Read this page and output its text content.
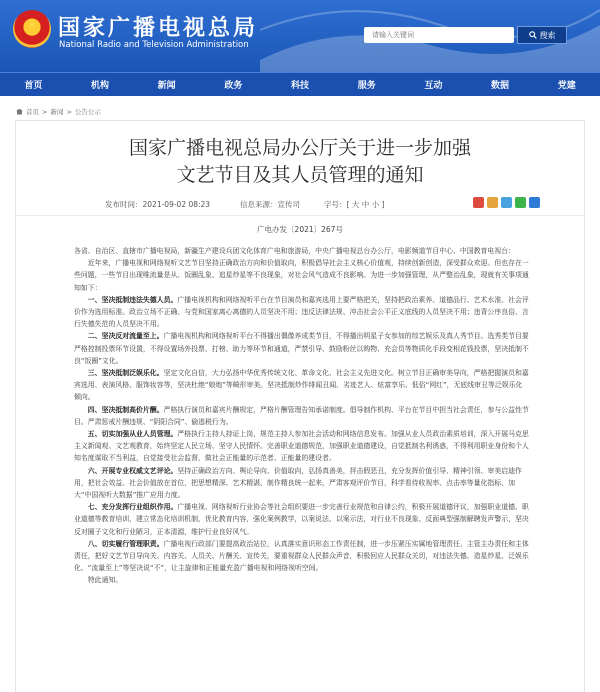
★ 国家广播电视总局
National Radio and Television Administration
请输入关键词
搜索
首页	机构	新闻	政务	科技	服务	互动	数据	党建
首页 > 新闻 > 公告公示
国家广播电视总局办公厅关于进一步加强
文艺节目及其人员管理的通知
发布时间：2021-09-02 08:23	信息来源：宣传司	字号：[ 大 中 小 ]
广电办发〔2021〕267号

各省、自治区、直辖市广播电视局，新疆生产建设兵团文化体育广电和旅游局，中央广播电视总台办公厅，电影频道节目中心、中国教育电视台：

近年来，广播电视和网络视听文艺节目坚持正确政治方向和价值取向，积极倡导社会主义核心价值观，持续创新创造，深受群众欢迎。但也存在一些问题，一些节目出现唯流量是从、饭圈乱象、追星炒星等不良现象，对社会风气造成不良影响。为进一步加强管理，从严整治乱象，现就有关事项通知如下：

一、坚决抵制违法失德人员。广播电视机构和网络视听平台在节目演员和嘉宾选用上要严格把关，坚持把政治素养、道德品行、艺术水准、社会评价作为选用标准。政治立场不正确、与党和国家离心离德的人员坚决不用；违反法律法规、冲击社会公平正义底线的人员坚决不用；违背公序良俗、言行失德失范的人员坚决不用。

二、坚决反对流量至上。广播电视机构和网络视听平台不得播出偶像养成类节目，不得播出明星子女参加的综艺娱乐及真人秀节目。选秀类节目要严格控制投票环节设置，不得设置场外投票、打榜、助力等环节和通道，严禁引导、鼓励粉丝以购物、充会员等物质化手段变相花钱投票，坚决抵制不良“饭圈”文化。

三、坚决抵制泛娱乐化。坚定文化自信，大力弘扬中华优秀传统文化、革命文化、社会主义先进文化。树立节目正确审美导向，严格把握演员和嘉宾选用、表演风格、服饰妆容等，坚决杜绝“娘炮”等畸形审美。坚决抵制炒作绯闻丑闻、劣迹艺人、炫富享乐、低俗“网红”，无底线审丑等泛娱乐化倾向。

四、坚决抵制高价片酬。严格执行演员和嘉宾片酬规定，严格片酬管理告知承诺制度。倡导制作机构、平台在节目中担当社会责任，参与公益性节目。严肃惩戒片酬违规、“阴阳合同”、偷逃税行为。

五、切实加强从业人员管理。严格执行主持人持证上岗，规范主持人参加社会活动和网络信息发布。加强从业人员政治素质培训，深入开展马克思主义新闻观、文艺观教育，始终坚定人民立场、坚守人民情怀。完善职业道德规范，加强职业道德建设，自觉抵制名利诱惑，不得利用职业身份和个人知名度谋取不当利益，自觉接受社会监督，做社会正能量的示范者、正能量的建设者。

六、开展专业权威文艺评论。坚持正确政治方向、舆论导向、价值取向，弘扬真善美，抨击假恶丑，充分发挥价值引导、精神引领、审美启迪作用，把社会效益、社会价值放在首位，把思想精深、艺术精湛、制作精良统一起来，严肃客观评价节目，科学看待收视率、点击率等量化指标，加大“中国视听大数据”推广应用力度。

七、充分发挥行业组织作用。广播电视、网络视听行业协会等社会组织要进一步完善行业规范和自律公约，积极开展道德评议，加强职业道德、职业道德等教育培训，建立常态化培训机制，优化教育内容，强化案例教学，以案说法、以案示法，对行业不良现象、反面典型强制解聘发声警示，坚决反对圈子文化和行业陋习，正本清源，维护行业良好风气。

八、切实履行管理职责。广播电视行政部门要提高政治站位，认真落实意识形态工作责任制，进一步压紧压实属地管理责任、主管主办责任和主体责任，把好文艺节目导向关、内容关、人员关、片酬关、宣传关，要重视群众人民群众声音，积极回应人民群众关切，对违法失德、造星炒星、泛娱乐化、“流量至上”等坚决说“不”，让主旋律和正能量充盈广播电视和网络视听空间。

特此通知。
